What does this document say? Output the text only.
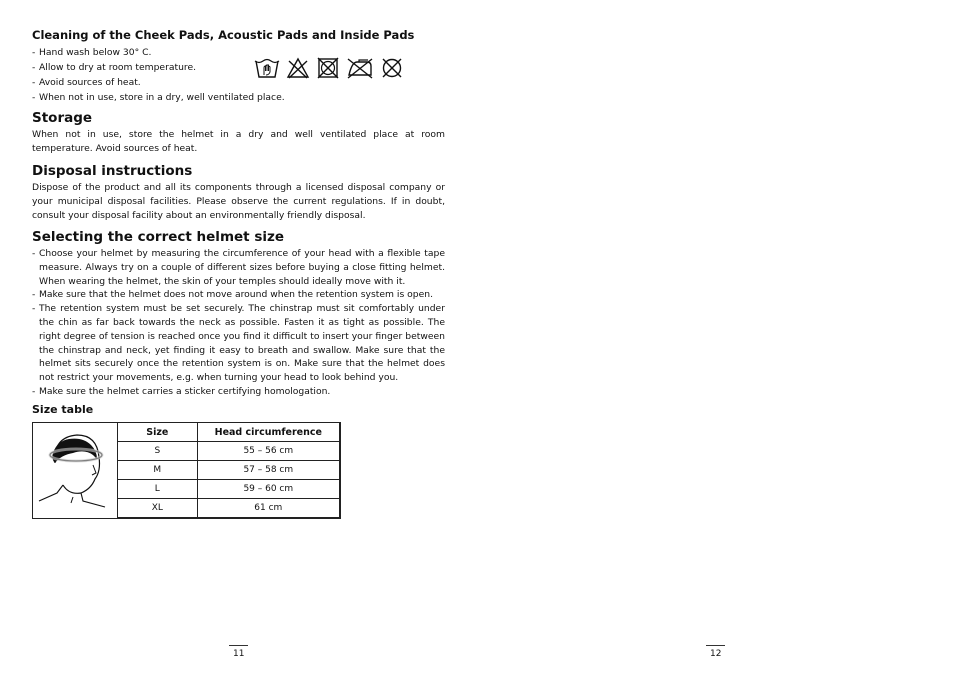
Cleaning of the Cheek Pads, Acoustic Pads and Inside Pads

- Hand wash below 30° C.
- Allow to dry at room temperature.
- Avoid sources of heat.
- When not in use, store in a dry, well ventilated place.

Storage

When not in use, store the helmet in a dry and well ventilated place at room temperature. Avoid sources of heat.

Disposal instructions

Dispose of the product and all its components through a licensed disposal company or your municipal disposal facilities. Please observe the current regulations. If in doubt, consult your disposal facility about an environmentally friendly disposal.

Selecting the correct helmet size

- Choose your helmet by measuring the circumference of your head with a flexible tape measure. Always try on a couple of different sizes before buying a close fitting helmet. When wearing the helmet, the skin of your temples should ideally move with it.
- Make sure that the helmet does not move around when the retention system is open.
- The retention system must be set securely. The chinstrap must sit comfortably under the chin as far back towards the neck as possible. Fasten it as tight as possible. The right degree of tension is reached once you find it difficult to insert your finger between the chinstrap and neck, yet finding it easy to breath and swallow. Make sure that the helmet sits securely once the retention system is on. Make sure that the helmet does not restrict your movements, e.g. when turning your head to look behind you.
- Make sure the helmet carries a sticker certifying homologation.
Size table
Size	Head circumference
S	55 – 56 cm
M	57 – 58 cm
L	59 – 60 cm
XL	61 cm
11	12
